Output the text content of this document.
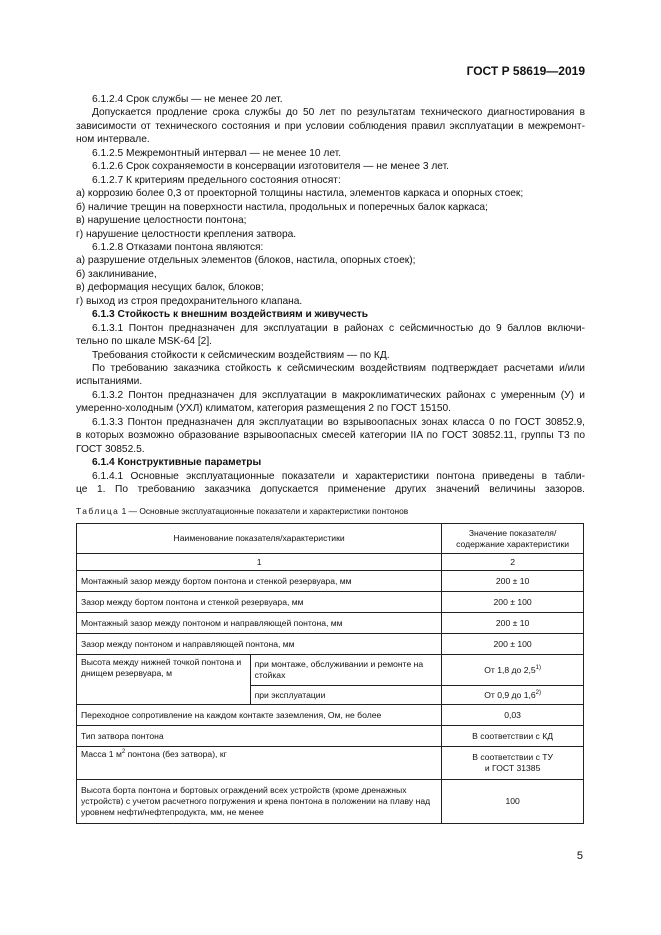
ГОСТ Р 58619—2019
6.1.2.4 Срок службы — не менее 20 лет.
Допускается продление срока службы до 50 лет по результатам технического диагностирования в
зависимости от технического состояния и при условии соблюдения правил эксплуатации в межремонт-
ном интервале.
6.1.2.5 Межремонтный интервал — не менее 10 лет.
6.1.2.6 Срок сохраняемости в консервации изготовителя — не менее 3 лет.
6.1.2.7 К критериям предельного состояния относят:
а) коррозию более 0,3 от проекторной толщины настила, элементов каркаса и опорных стоек;
б) наличие трещин на поверхности настила, продольных и поперечных балок каркаса;
в) нарушение целостности понтона;
г) нарушение целостности крепления затвора.
6.1.2.8 Отказами понтона являются:
а) разрушение отдельных элементов (блоков, настила, опорных стоек);
б) заклинивание,
в) деформация несущих балок, блоков;
г) выход из строя предохранительного клапана.
6.1.3 Стойкость к внешним воздействиям и живучесть
6.1.3.1 Понтон предназначен для эксплуатации в районах с сейсмичностью до 9 баллов включи-
тельно по шкале MSK-64 [2].
Требования стойкости к сейсмическим воздействиям — по КД.
По требованию заказчика стойкость к сейсмическим воздействиям подтверждает расчетами и/или
испытаниями.
6.1.3.2 Понтон предназначен для эксплуатации в макроклиматических районах с умеренным (У) и
умеренно-холодным (УХЛ) климатом, категория размещения 2 по ГОСТ 15150.
6.1.3.3 Понтон предназначен для эксплуатации во взрывоопасных зонах класса 0 по ГОСТ 30852.9,
в которых возможно образование взрывоопасных смесей категории IIA по ГОСТ 30852.11, группы Т3 по
ГОСТ 30852.5.
6.1.4 Конструктивные параметры
6.1.4.1 Основные эксплуатационные показатели и характеристики понтона приведены в табли-
це 1. По требованию заказчика допускается применение других значений величины зазоров.
Таблица 1 — Основные эксплуатационные показатели и характеристики понтонов
Наименование показателя/характеристики		Значение показателя/
содержание характеристики
1		2
Монтажный зазор между бортом понтона и стенкой резервуара, мм		200 ± 10
Зазор между бортом понтона и стенкой резервуара, мм		200 ± 100
Монтажный зазор между понтоном и направляющей понтона, мм		200 ± 10
Зазор между понтоном и направляющей понтона, мм		200 ± 100
Высота между нижней точкой понтона и днищем резервуара, м	при монтаже, обслуживании и ремонте на стойках	От 1,8 до 2,5$^{1)}$
	при эксплуатации	От 0,9 до 1,6$^{2)}$
Переходное сопротивление на каждом контакте заземления, Ом, не более		0,03
Тип затвора понтона		В соответствии с КД
Масса 1 $м^2$ понтона (без затвора), кг		В соответствии с ТУ
и ГОСТ 31385
Высота борта понтона и бортовых ограждений всех устройств (кроме дренажных устройств) с учетом расчетного погружения и крена понтона в положении на плаву над уровнем нефти/нефтепродукта, мм, не менее		100
5
